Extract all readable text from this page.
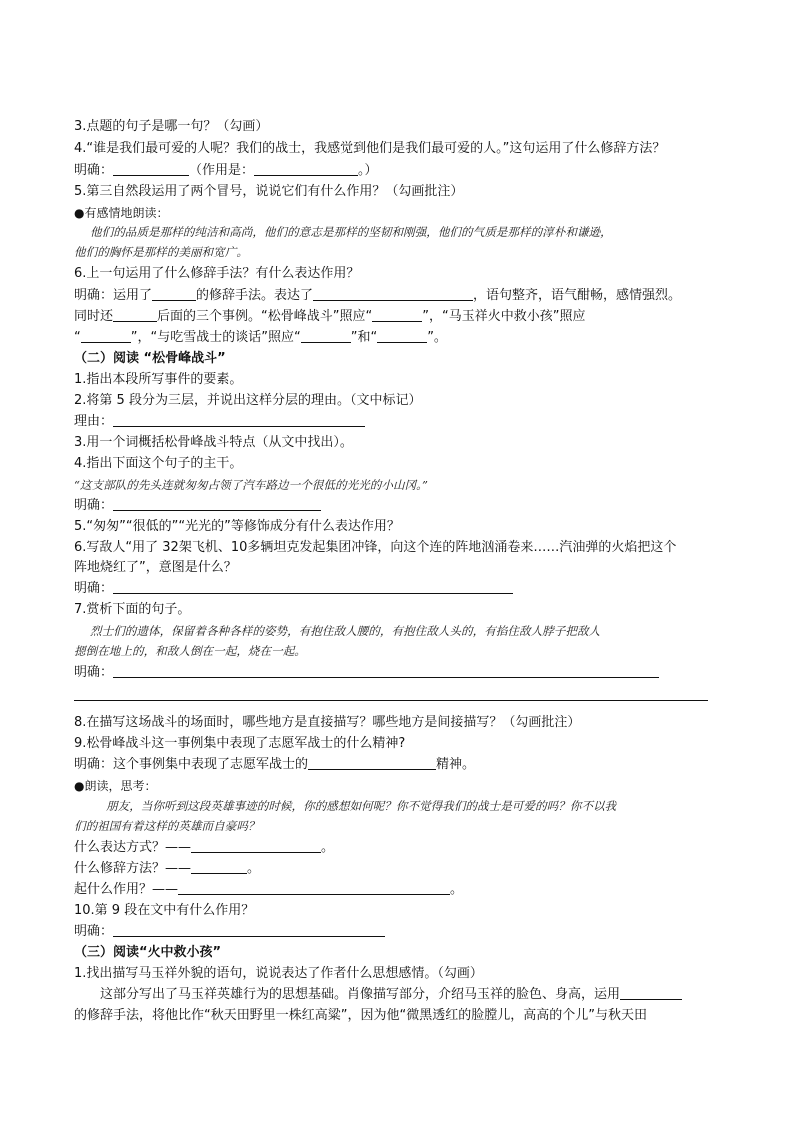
3.点题的句子是哪一句？（勾画）
4.“谁是我们最可爱的人呢？我们的战士，我感觉到他们是我们最可爱的人。”这句运用了什么修辞方法？
明确：	（作用是：	。）
5.第三自然段运用了两个冒号，说说它们有什么作用？（勾画批注）
●有感情地朗读：
他们的品质是那样的纯洁和高尚，他们的意志是那样的坚韧和刚强，他们的气质是那样的淳朴和谦逊，
他们的胸怀是那样的美丽和宽广。
6.上一句运用了什么修辞手法？有什么表达作用？
明确：运用了	的修辞手法。表达了	，语句整齐，语气酣畅，感情强烈。
同时还	后面的三个事例。“松骨峰战斗”照应“	”，“马玉祥火中救小孩”照应
“	”，“与吃雪战士的谈话”照应“	”和“	”。
（二）阅读 “松骨峰战斗”
1.指出本段所写事件的要素。
2.将第 5 段分为三层，并说出这样分层的理由。（文中标记）
理由：
3.用一个词概括松骨峰战斗特点（从文中找出）。
4.指出下面这个句子的主干。
“这支部队的先头连就匆匆占领了汽车路边一个很低的光光的小山冈。”
明确：
5.“匆匆”“很低的”“光光的”等修饰成分有什么表达作用？
6.写敌人“用了 32架飞机、10多辆坦克发起集团冲锋，向这个连的阵地汹涌卷来……汽油弹的火焰把这个
阵地烧红了”，意图是什么？
明确：
7.赏析下面的句子。
烈士们的遗体，保留着各种各样的姿势，有抱住敌人腰的，有抱住敌人头的，有掐住敌人脖子把敌人
摁倒在地上的，和敌人倒在一起，烧在一起。
明确：
8.在描写这场战斗的场面时，哪些地方是直接描写？哪些地方是间接描写？（勾画批注）
9.松骨峰战斗这一事例集中表现了志愿军战士的什么精神?
明确：这个事例集中表现了志愿军战士的	精神。
●朗读，思考：
朋友，当你听到这段英雄事迹的时候，你的感想如何呢？你不觉得我们的战士是可爱的吗？你不以我
们的祖国有着这样的英雄而自豪吗？
什么表达方式？——	。
什么修辞方法？——	。
起什么作用？——	。
10.第 9 段在文中有什么作用？
明确：
（三）阅读“火中救小孩”
1.找出描写马玉祥外貌的语句，说说表达了作者什么思想感情。（勾画）
这部分写出了马玉祥英雄行为的思想基础。肖像描写部分，介绍马玉祥的脸色、身高，运用
的修辞手法，将他比作“秋天田野里一株红高粱”，因为他“微黑透红的脸膛儿，高高的个儿”与秋天田
